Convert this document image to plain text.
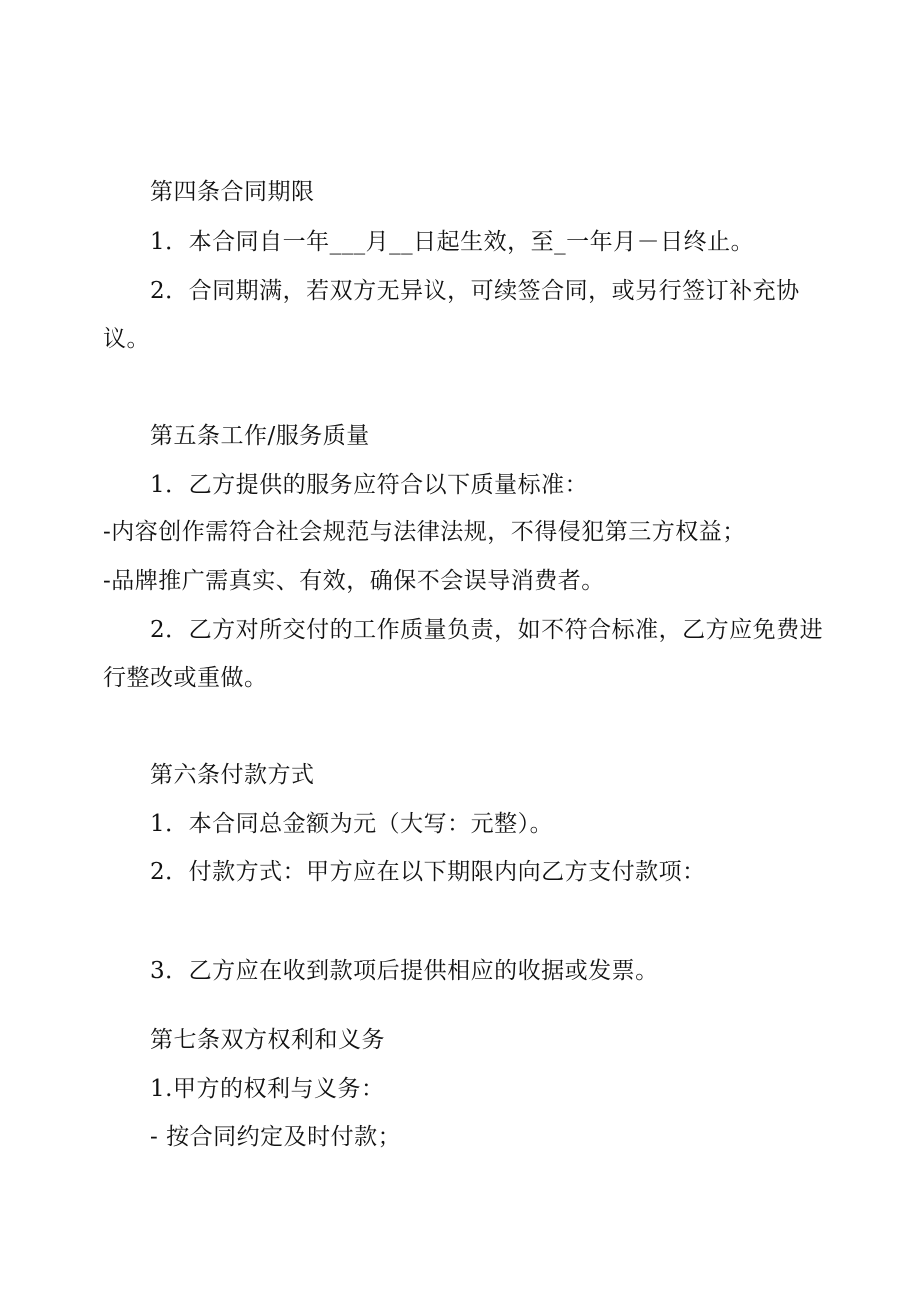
第四条合同期限
1．本合同自一年___月__日起生效，至_一年月－日终止。
2．合同期满，若双方无异议，可续签合同，或另行签订补充协
议。
第五条工作/服务质量
1．乙方提供的服务应符合以下质量标准：
-内容创作需符合社会规范与法律法规，不得侵犯第三方权益；
-品牌推广需真实、有效，确保不会误导消费者。
2．乙方对所交付的工作质量负责，如不符合标准，乙方应免费进
行整改或重做。
第六条付款方式
1．本合同总金额为元（大写：元整）。
2．付款方式：甲方应在以下期限内向乙方支付款项：
3．乙方应在收到款项后提供相应的收据或发票。
第七条双方权利和义务
1.甲方的权利与义务：
- 按合同约定及时付款；
